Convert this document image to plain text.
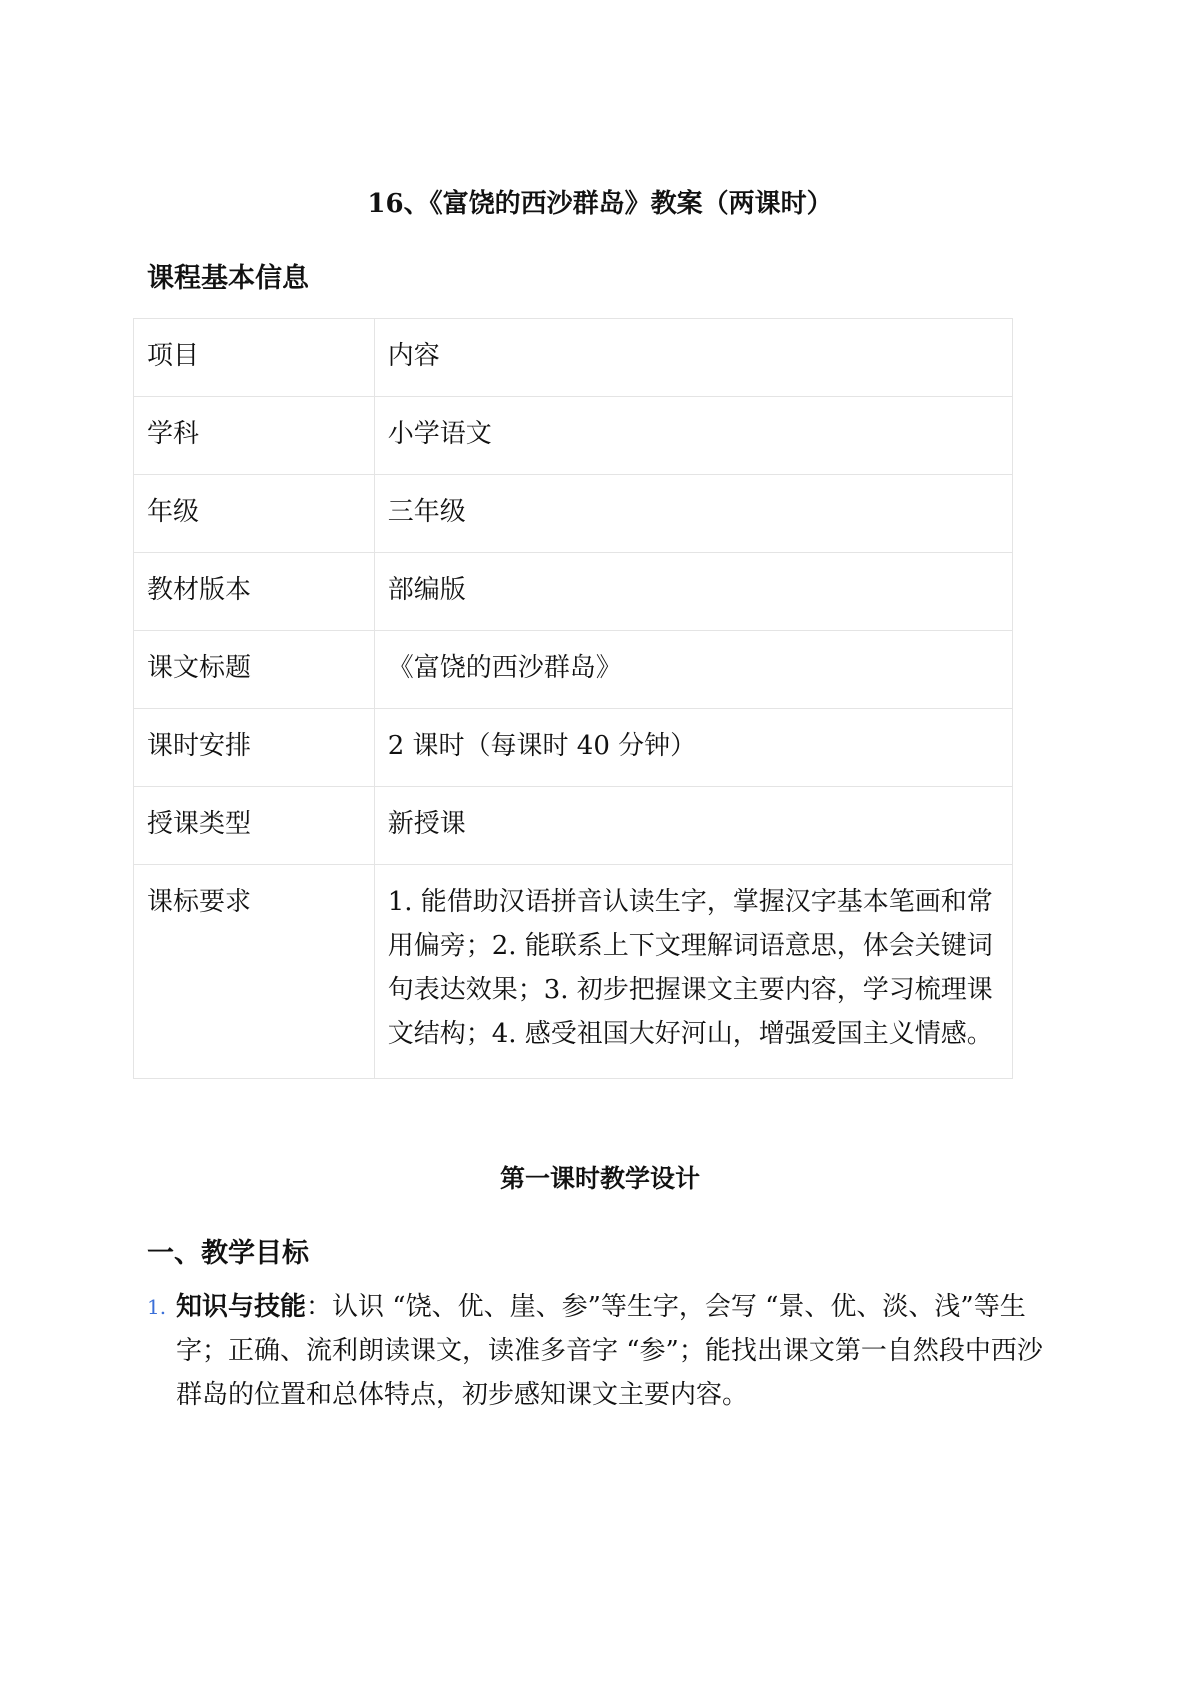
16、《富饶的西沙群岛》教案（两课时）
课程基本信息
项目	内容
学科	小学语文
年级	三年级
教材版本	部编版
课文标题	《富饶的西沙群岛》
课时安排	2 课时（每课时 40 分钟）
授课类型	新授课
课标要求	1. 能借助汉语拼音认读生字，掌握汉字基本笔画和常用偏旁；2. 能联系上下文理解词语意思，体会关键词句表达效果；3. 初步把握课文主要内容，学习梳理课文结构；4. 感受祖国大好河山，增强爱国主义情感。
第一课时教学设计
一、教学目标
1. 知识与技能：认识 “饶、优、崖、参”等生字，会写 “景、优、淡、浅”等生字；正确、流利朗读课文，读准多音字 “参”；能找出课文第一自然段中西沙群岛的位置和总体特点，初步感知课文主要内容。
